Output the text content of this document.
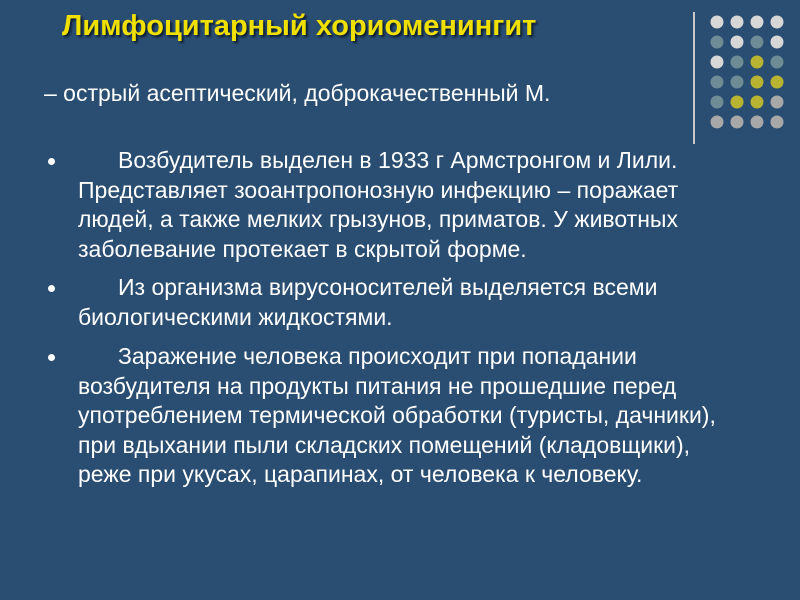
Лимфоцитарный хориоменингит
– острый асептический, доброкачественный М.
Возбудитель выделен в 1933 г Армстронгом и Лили. Представляет зооантропонозную инфекцию – поражает людей, а также мелких грызунов, приматов. У животных заболевание протекает в скрытой форме.
Из организма вирусоносителей выделяется всеми биологическими жидкостями.
Заражение человека происходит при попадании возбудителя на продукты питания не прошедшие перед употреблением термической обработки (туристы, дачники), при вдыхании пыли складских помещений (кладовщики), реже при укусах, царапинах, от человека к человеку.
